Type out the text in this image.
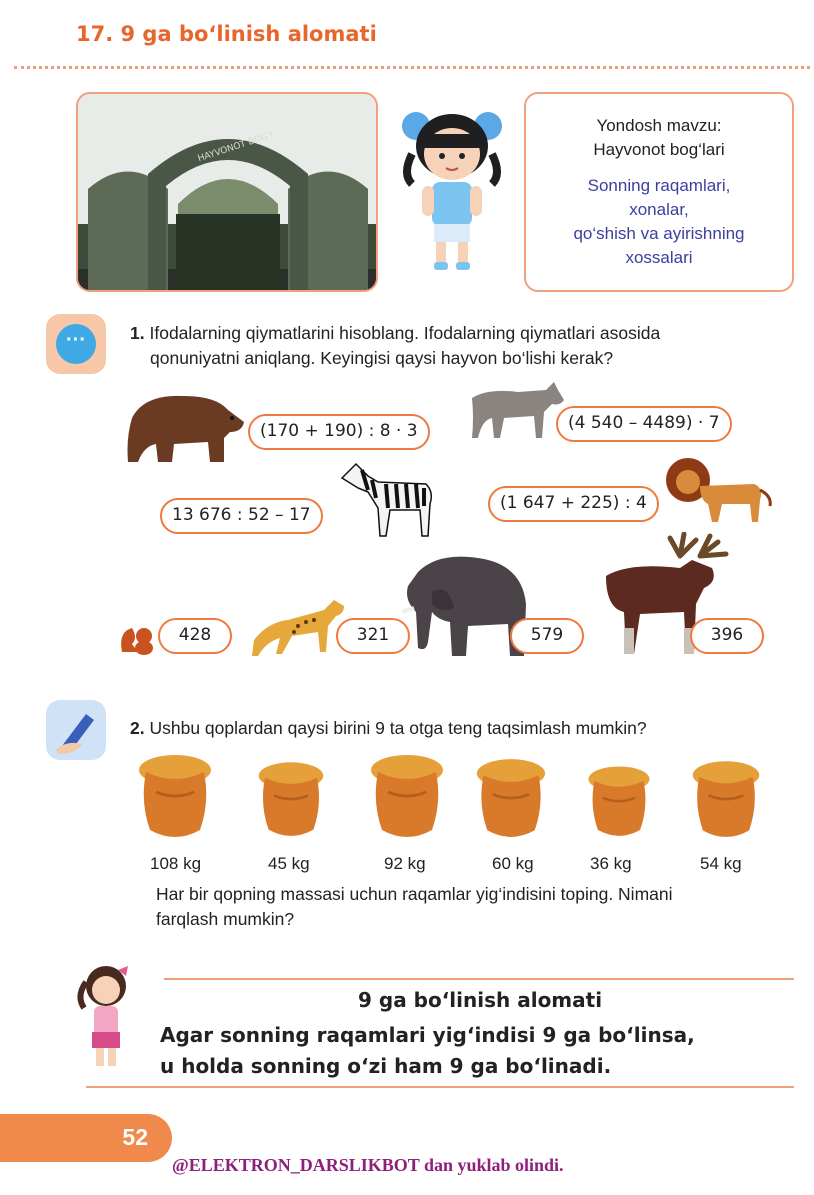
17. 9 ga bo‘linish alomati
HAYVONOT BOG‘I
Yondosh mavzu:
Hayvonot bog‘lari
Sonning raqamlari,
xonalar,
qo‘shish va ayirishning
xossalari
···	1. Ifodalarning qiymatlarini hisoblang. Ifodalarning qiymatlari asosida
qonuniyatni aniqlang. Keyingisi qaysi hayvon bo‘lishi kerak?
(170 + 190) : 8 · 3	(4 540 – 4489) · 7
13 676 : 52 – 17
(1 647 + 225) : 4
428	321	579	396
2. Ushbu qoplardan qaysi birini 9 ta otga teng taqsimlash mumkin?
108 kg	45 kg	92 kg	60 kg	36 kg	54 kg
Har bir qopning massasi uchun raqamlar yig‘indisini toping. Nimani
farqlash mumkin?
9 ga bo‘linish alomati
Agar sonning raqamlari yig‘indisi 9 ga bo‘linsa,
u holda sonning o‘zi ham 9 ga bo‘linadi.
52
@ELEKTRON_DARSLIKBOT dan yuklab olindi.
